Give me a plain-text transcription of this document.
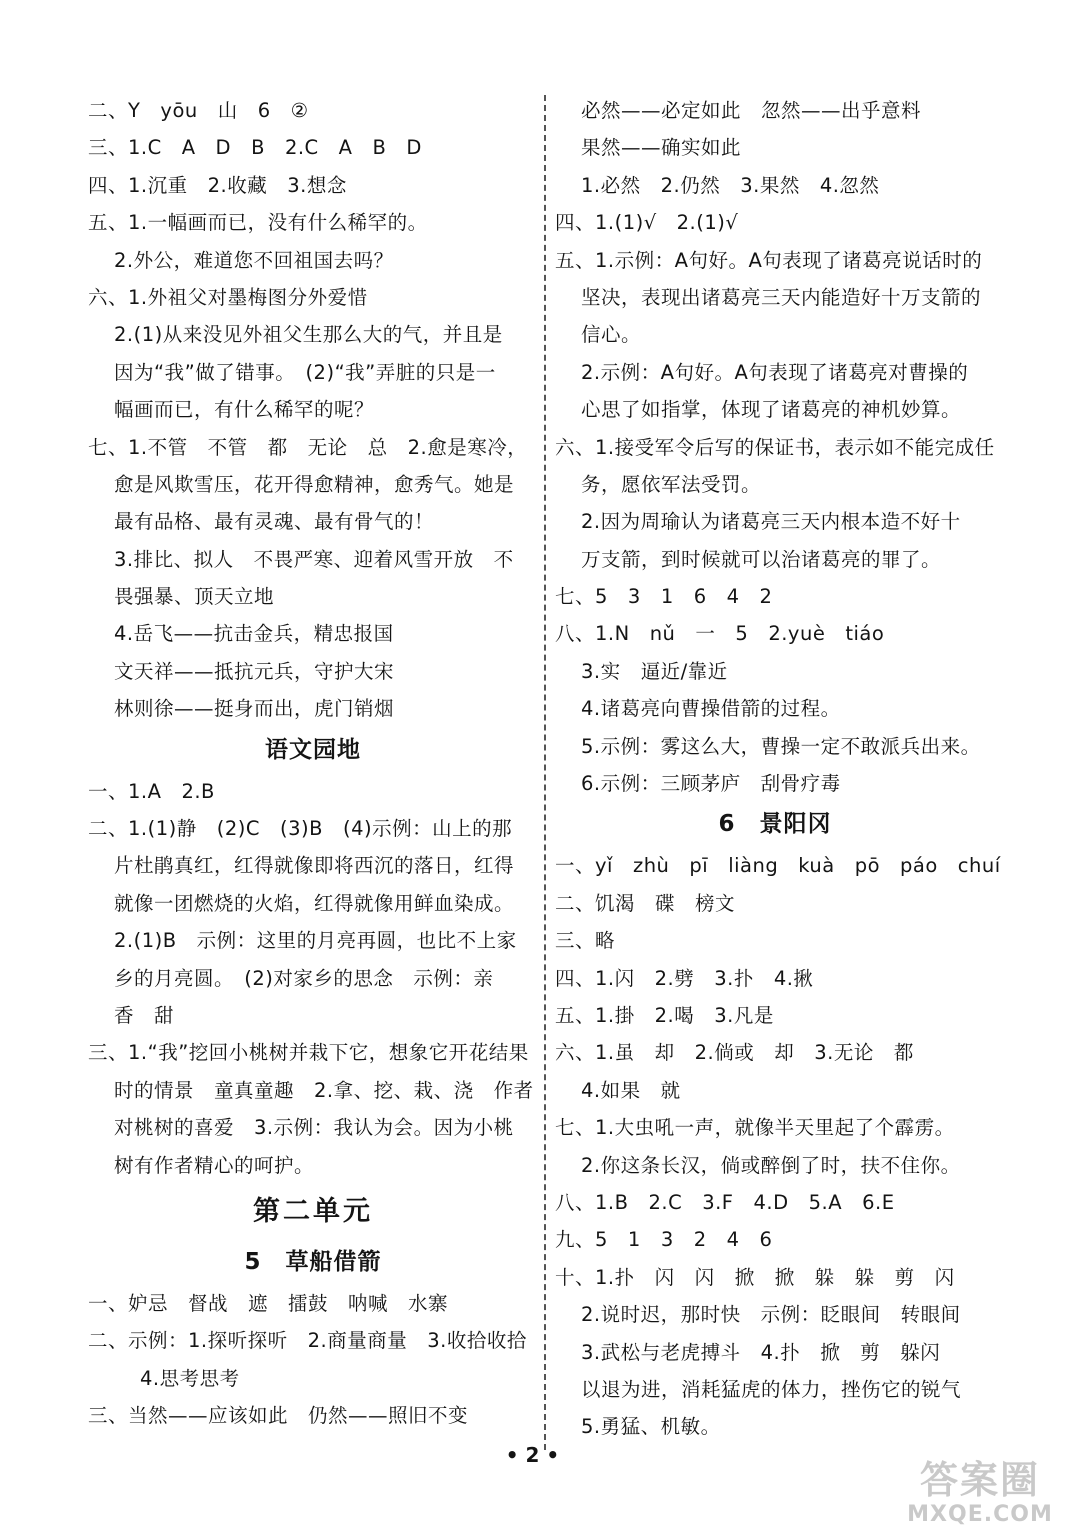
二、Y　yōu　山　6　②
三、1.C　A　D　B　2.C　A　B　D
四、1.沉重　2.收藏　3.想念
五、1.一幅画而已，没有什么稀罕的。
2.外公，难道您不回祖国去吗？
六、1.外祖父对墨梅图分外爱惜
2.(1)从来没见外祖父生那么大的气，并且是
因为“我”做了错事。　(2)“我”弄脏的只是一
幅画而已，有什么稀罕的呢？
七、1.不管　不管　都　无论　总　2.愈是寒冷，
愈是风欺雪压，花开得愈精神，愈秀气。她是
最有品格、最有灵魂、最有骨气的！
3.排比、拟人　不畏严寒、迎着风雪开放　不
畏强暴、顶天立地
4.岳飞——抗击金兵，精忠报国
文天祥——抵抗元兵，守护大宋
林则徐——挺身而出，虎门销烟
语文园地
一、1.A　2.B
二、1.(1)静　(2)C　(3)B　(4)示例：山上的那
片杜鹃真红，红得就像即将西沉的落日，红得
就像一团燃烧的火焰，红得就像用鲜血染成。
2.(1)B　示例：这里的月亮再圆，也比不上家
乡的月亮圆。　(2)对家乡的思念　示例：亲
香　甜
三、1.“我”挖回小桃树并栽下它，想象它开花结果
时的情景　童真童趣　2.拿、挖、栽、浇　作者
对桃树的喜爱　3.示例：我认为会。因为小桃
树有作者精心的呵护。
第二单元
5　草船借箭
一、妒忌　督战　遮　擂鼓　呐喊　水寨
二、示例：1.探听探听　2.商量商量　3.收拾收拾
4.思考思考
三、当然——应该如此　仍然——照旧不变
必然——必定如此　忽然——出乎意料
果然——确实如此
1.必然　2.仍然　3.果然　4.忽然
四、1.(1)√　2.(1)√
五、1.示例：A句好。A句表现了诸葛亮说话时的
坚决，表现出诸葛亮三天内能造好十万支箭的
信心。
2.示例：A句好。A句表现了诸葛亮对曹操的
心思了如指掌，体现了诸葛亮的神机妙算。
六、1.接受军令后写的保证书，表示如不能完成任
务，愿依军法受罚。
2.因为周瑜认为诸葛亮三天内根本造不好十
万支箭，到时候就可以治诸葛亮的罪了。
七、5　3　1　6　4　2
八、1.N　nǔ　一　5　2.yuè　tiáo
3.实　逼近/靠近
4.诸葛亮向曹操借箭的过程。
5.示例：雾这么大，曹操一定不敢派兵出来。
6.示例：三顾茅庐　刮骨疗毒
6　景阳冈
一、yǐ　zhù　pī　liàng　kuà　pō　páo　chuí
二、饥渴　碟　榜文
三、略
四、1.闪　2.劈　3.扑　4.揪
五、1.掛　2.喝　3.凡是
六、1.虽　却　2.倘或　却　3.无论　都
4.如果　就
七、1.大虫吼一声，就像半天里起了个霹雳。
2.你这条长汉，倘或醉倒了时，扶不住你。
八、1.B　2.C　3.F　4.D　5.A　6.E
九、5　1　3　2　4　6
十、1.扑　闪　闪　掀　掀　躲　躲　剪　闪
2.说时迟，那时快　示例：眨眼间　转眼间
3.武松与老虎搏斗　4.扑　掀　剪　躲闪
以退为进，消耗猛虎的体力，挫伤它的锐气
5.勇猛、机敏。
• 2 •
答案圈
MXQE.COM
